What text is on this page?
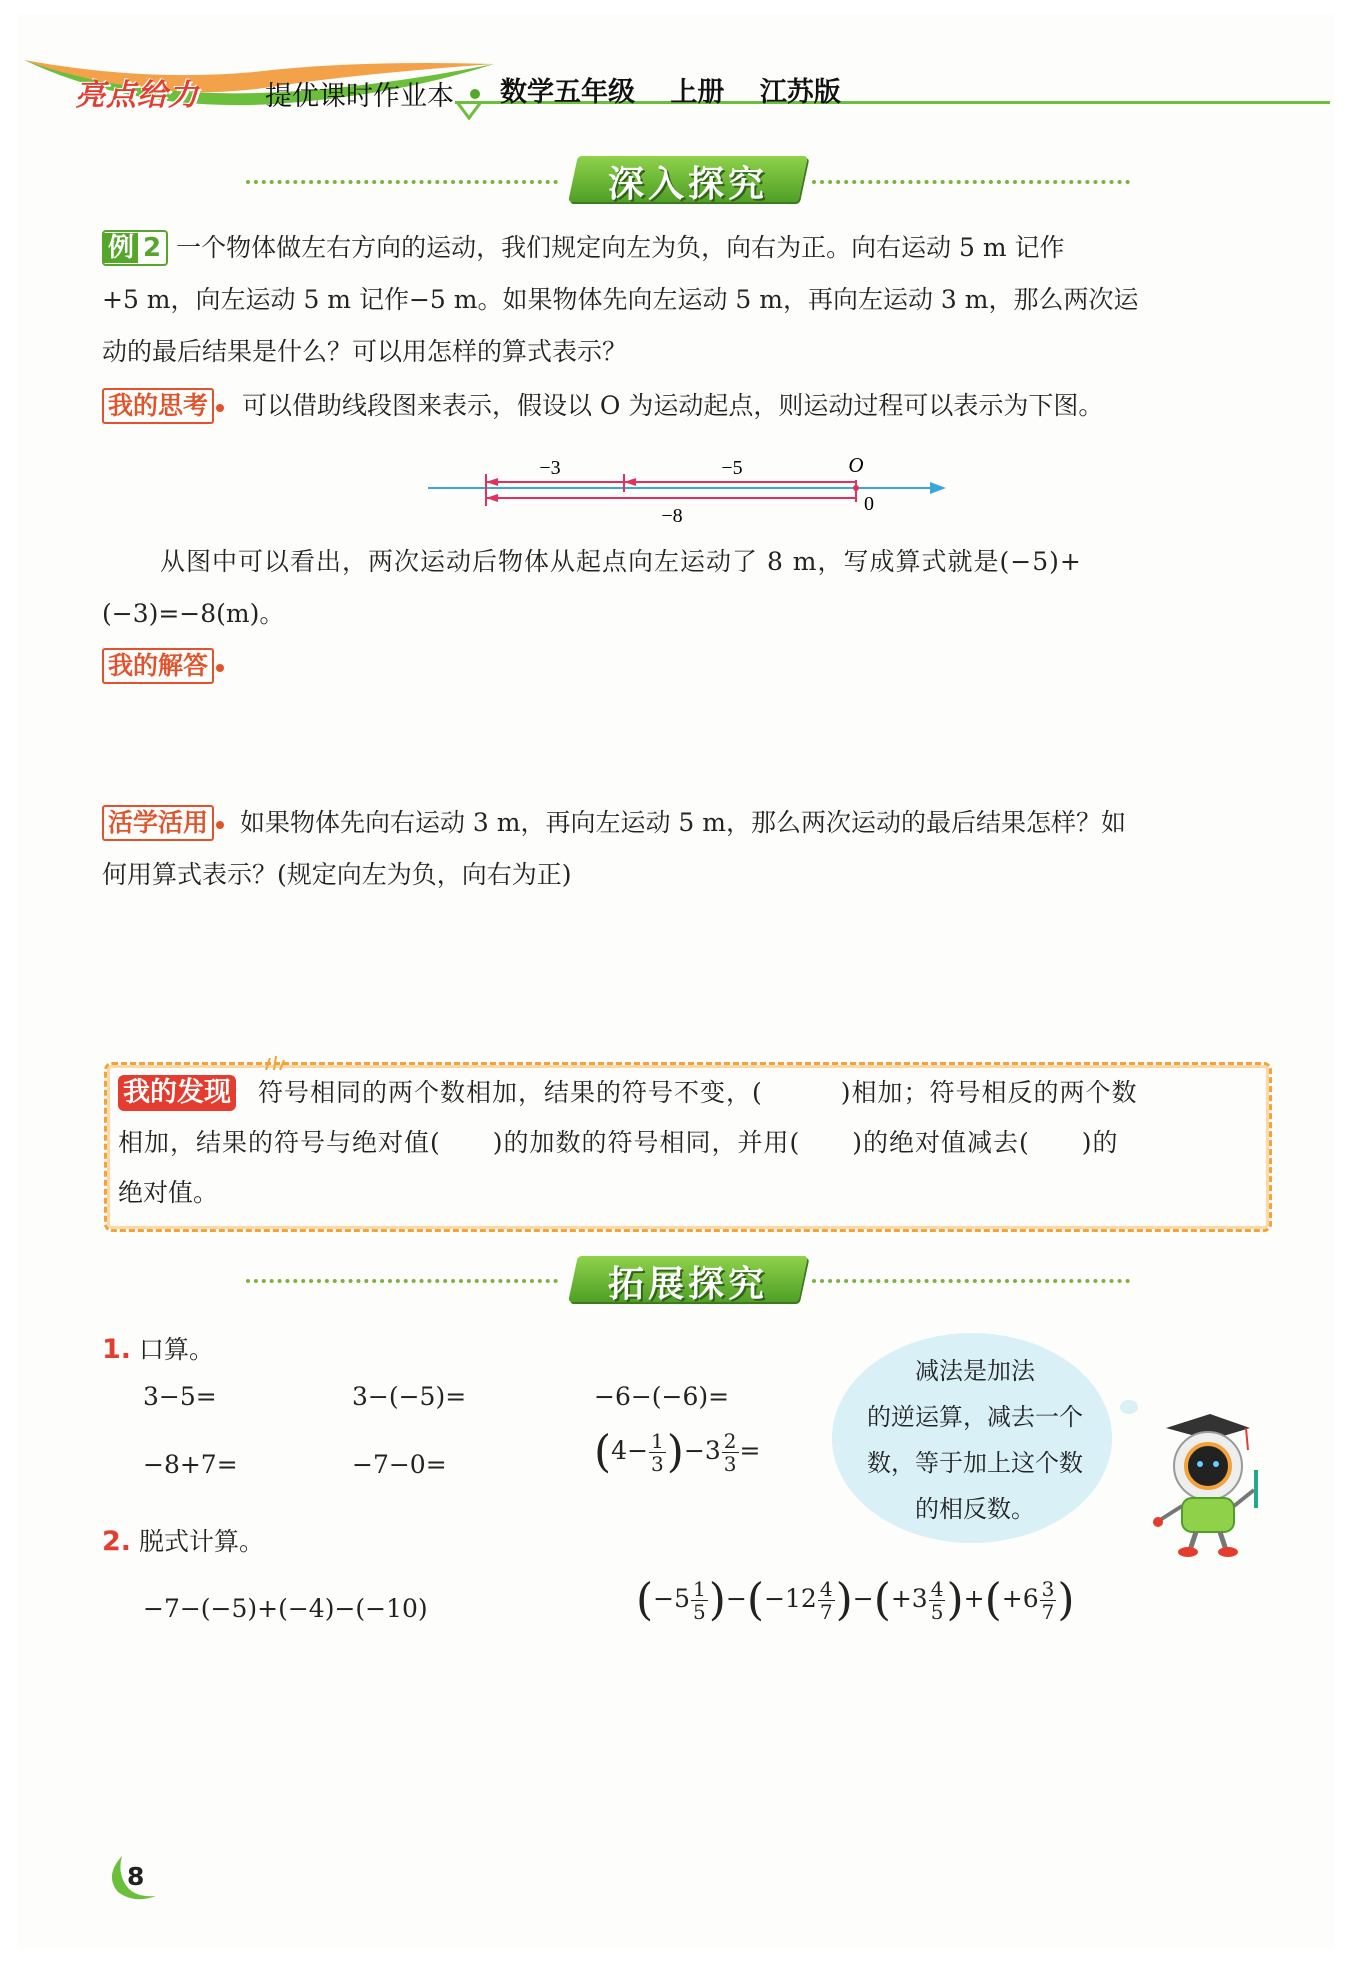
亮点给力 提优课时作业本 数学五年级 上册 江苏版
深入探究
例 2 一个物体做左右方向的运动，我们规定向左为负，向右为正。向右运动 5 m 记作
+5 m，向左运动 5 m 记作−5 m。如果物体先向左运动 5 m，再向左运动 3 m，那么两次运
动的最后结果是什么？可以用怎样的算式表示？
我的思考 可以借助线段图来表示，假设以 O 为运动起点，则运动过程可以表示为下图。
−3	−5
−8
O
0
从图中可以看出，两次运动后物体从起点向左运动了 8 m，写成算式就是(−5)+
(−3)=−8(m)。
我的解答
活学活用 如果物体先向右运动 3 m，再向左运动 5 m，那么两次运动的最后结果怎样？如
何用算式表示？(规定向左为负，向右为正)
我的发现 符号相同的两个数相加，结果的符号不变，(　　　)相加；符号相反的两个数
相加，结果的符号与绝对值(　　)的加数的符号相同，并用(　　)的绝对值减去(　　)的
绝对值。
拓展探究
1. 口算。
3−5=	3−(−5)=	−6−(−6)=
−8+7=	−7−0=	$(4- \frac{1}{3} )-3 \frac{2}{3}$ =
减法是加法
的逆运算，减去一个
数，等于加上这个数
的相反数。
2. 脱式计算。
−7−(−5)+(−4)−(−10)	$(-5 \frac{1}{5} )-(-12 \frac{4}{7} )-(+3 \frac{4}{5} )+(+6 \frac{3}{7}$ )
8
